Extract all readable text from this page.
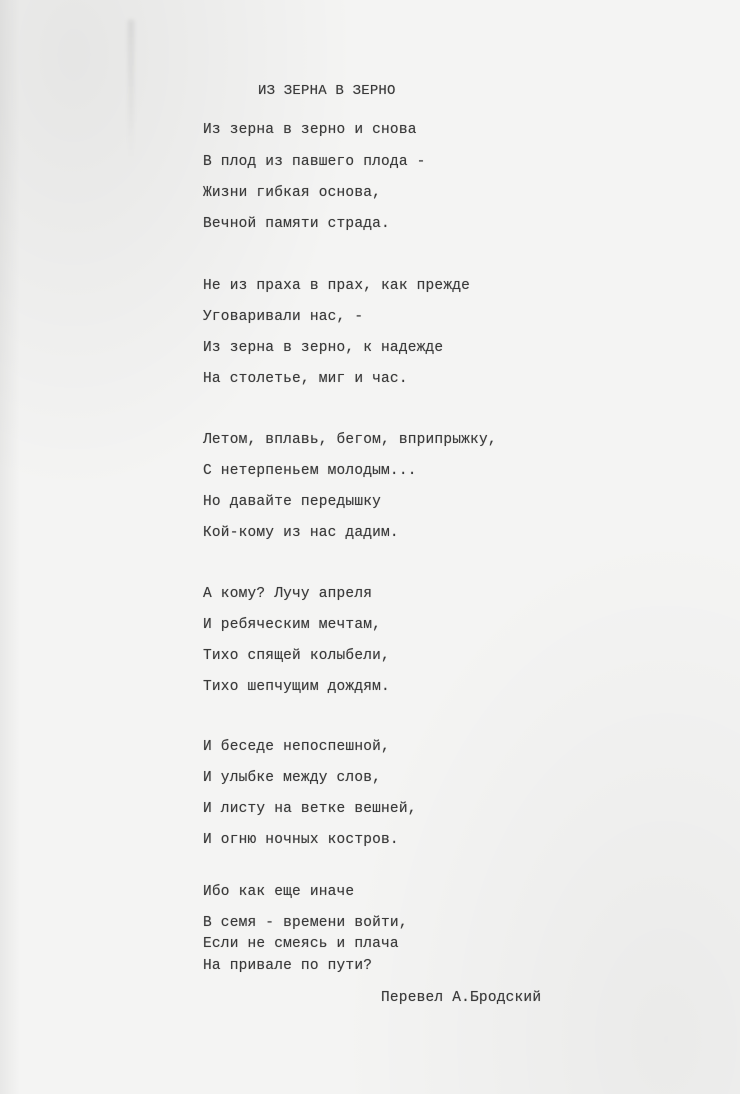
ИЗ ЗЕРНА В ЗЕРНО
Из зерна в зерно и снова
В плод из павшего плода -
Жизни гибкая основа,
Вечной памяти страда.
Не из праха в прах, как прежде
Уговаривали нас, -
Из зерна в зерно, к надежде
На столетье, миг и час.
Летом, вплавь, бегом, вприпрыжку,
С нетерпеньем молодым...
Но давайте передышку
Кой-кому из нас дадим.
А кому? Лучу апреля
И ребяческим мечтам,
Тихо спящей колыбели,
Тихо шепчущим дождям.
И беседе непоспешной,
И улыбке между слов,
И листу на ветке вешней,
И огню ночных костров.
Ибо как еще иначе
В семя - времени войти,
Если не смеясь и плача
На привале по пути?
Перевел А.Бродский
